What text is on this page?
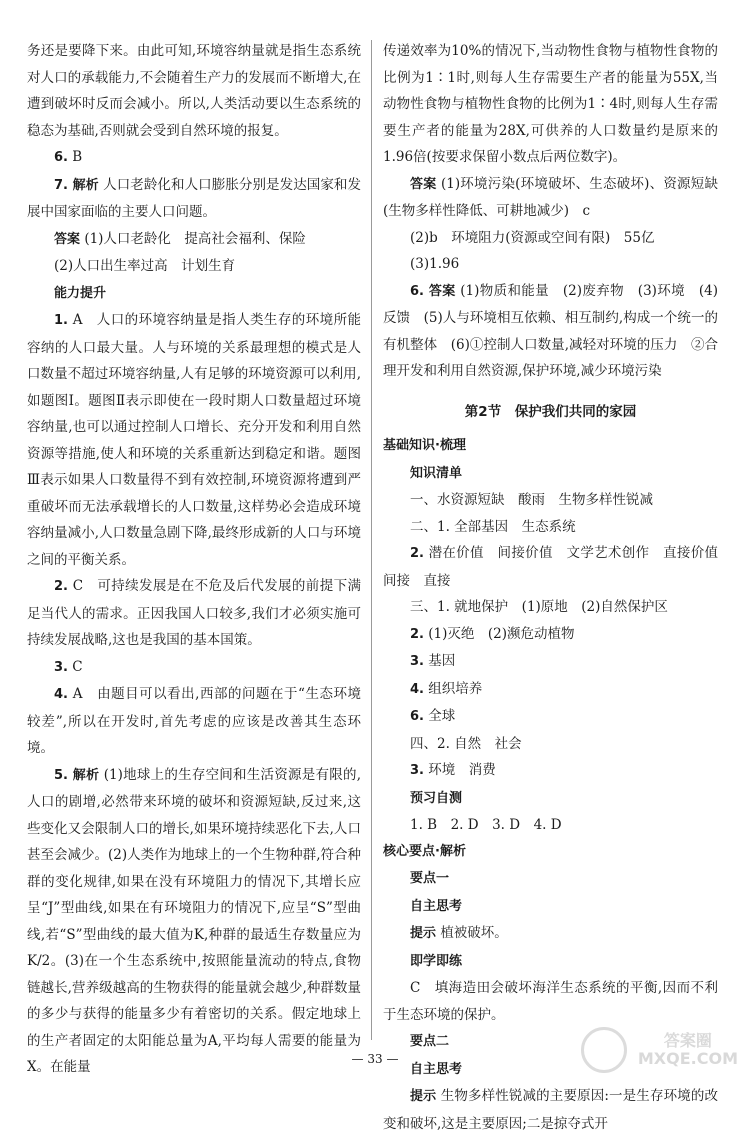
务还是要降下来。由此可知,环境容纳量就是指生态系统对人口的承载能力,不会随着生产力的发展而不断增大,在遭到破坏时反而会减小。所以,人类活动要以生态系统的稳态为基础,否则就会受到自然环境的报复。

6. B

7. 解析 人口老龄化和人口膨胀分别是发达国家和发展中国家面临的主要人口问题。

答案 (1)人口老龄化　提高社会福利、保险

(2)人口出生率过高　计划生育

能力提升

1. A　人口的环境容纳量是指人类生存的环境所能容纳的人口最大量。人与环境的关系最理想的模式是人口数量不超过环境容纳量,人有足够的环境资源可以利用,如题图Ⅰ。题图Ⅱ表示即使在一段时期人口数量超过环境容纳量,也可以通过控制人口增长、充分开发和利用自然资源等措施,使人和环境的关系重新达到稳定和谐。题图Ⅲ表示如果人口数量得不到有效控制,环境资源将遭到严重破坏而无法承载增长的人口数量,这样势必会造成环境容纳量减小,人口数量急剧下降,最终形成新的人口与环境之间的平衡关系。

2. C　可持续发展是在不危及后代发展的前提下满足当代人的需求。正因我国人口较多,我们才必须实施可持续发展战略,这也是我国的基本国策。

3. C

4. A　由题目可以看出,西部的问题在于“生态环境较差”,所以在开发时,首先考虑的应该是改善其生态环境。

5. 解析 (1)地球上的生存空间和生活资源是有限的,人口的剧增,必然带来环境的破坏和资源短缺,反过来,这些变化又会限制人口的增长,如果环境持续恶化下去,人口甚至会减少。(2)人类作为地球上的一个生物种群,符合种群的变化规律,如果在没有环境阻力的情况下,其增长应呈“J”型曲线,如果在有环境阻力的情况下,应呈“S”型曲线,若“S”型曲线的最大值为K,种群的最适生存数量应为K/2。(3)在一个生态系统中,按照能量流动的特点,食物链越长,营养级越高的生物获得的能量就会越少,种群数量的多少与获得的能量多少有着密切的关系。假定地球上的生产者固定的太阳能总量为A,平均每人需要的能量为X。在能量

传递效率为10%的情况下,当动物性食物与植物性食物的比例为1∶1时,则每人生存需要生产者的能量为55X,当动物性食物与植物性食物的比例为1∶4时,则每人生存需要生产者的能量为28X,可供养的人口数量约是原来的1.96倍(按要求保留小数点后两位数字)。

答案 (1)环境污染(环境破坏、生态破坏)、资源短缺(生物多样性降低、可耕地减少)　c

(2)b　环境阻力(资源或空间有限)　55亿

(3)1.96

6. 答案 (1)物质和能量　(2)废弃物　(3)环境　(4)反馈　(5)人与环境相互依赖、相互制约,构成一个统一的有机整体　(6)①控制人口数量,减轻对环境的压力　②合理开发和利用自然资源,保护环境,减少环境污染

第2节　保护我们共同的家园

基础知识·梳理

知识清单

一、水资源短缺　酸雨　生物多样性锐减

二、1. 全部基因　生态系统

2. 潜在价值　间接价值　文学艺术创作　直接价值　间接　直接

三、1. 就地保护　(1)原地　(2)自然保护区

2. (1)灭绝　(2)濒危动植物

3. 基因

4. 组织培养

6. 全球

四、2. 自然　社会

3. 环境　消费

预习自测

1. B　2. D　3. D　4. D

核心要点·解析

要点一

自主思考

提示 植被破坏。

即学即练

C　填海造田会破坏海洋生态系统的平衡,因而不利于生态环境的保护。

要点二

自主思考

提示 生物多样性锐减的主要原因:一是生存环境的改变和破坏,这是主要原因;二是掠夺式开

— 33 —
答案圈
MXQE.COM
